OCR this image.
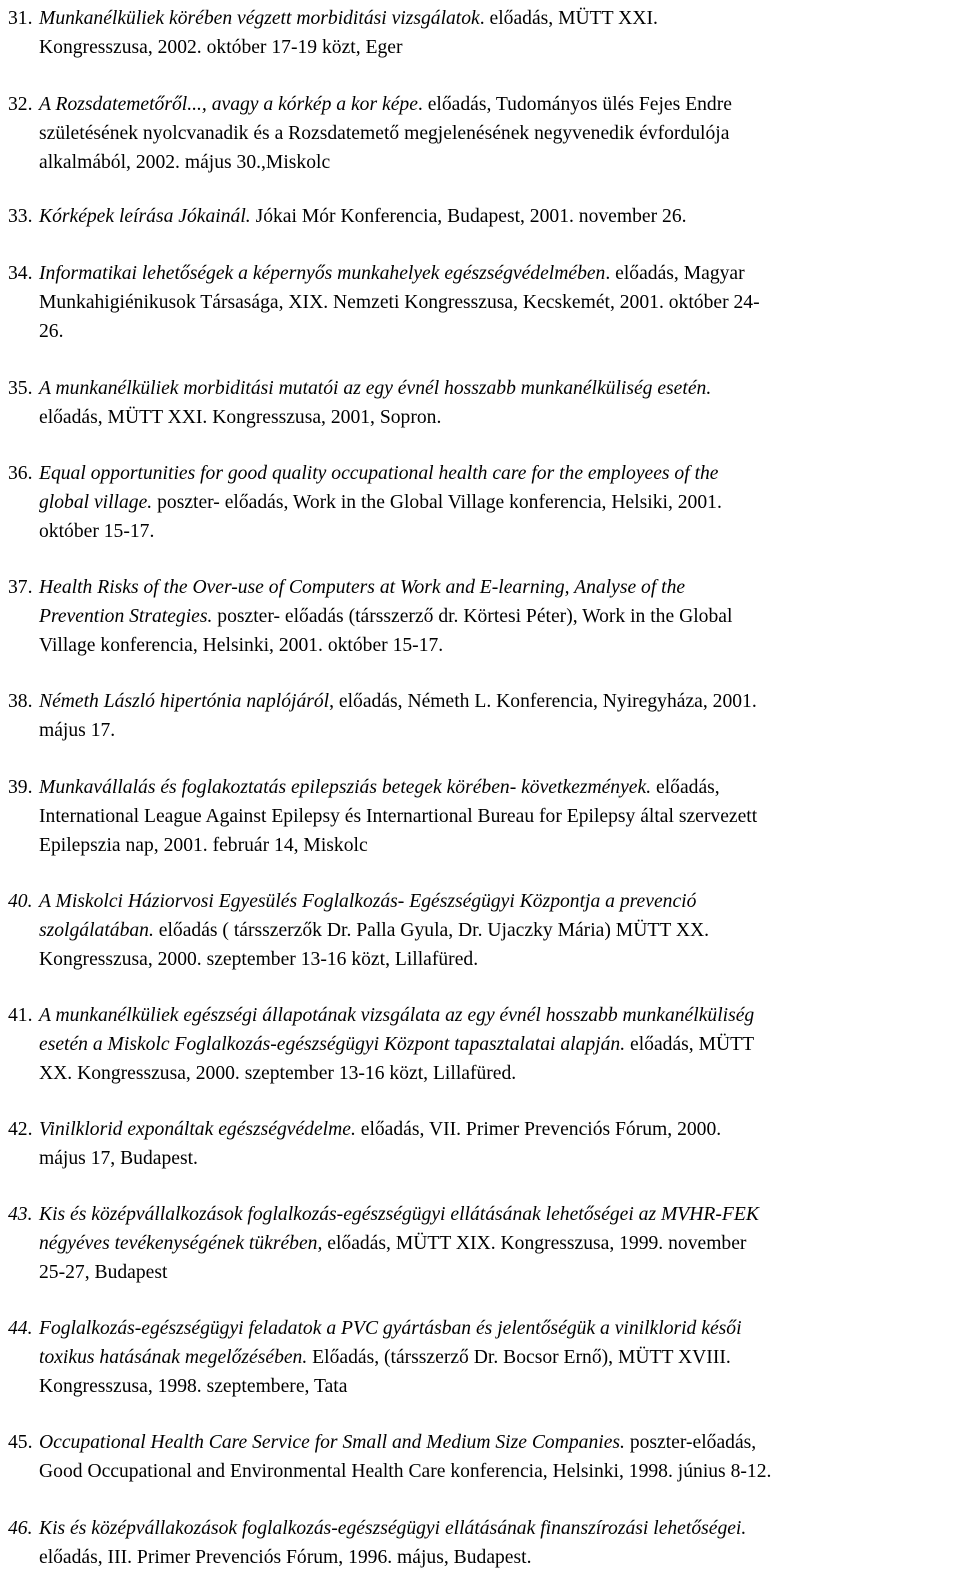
31. Munkanélküliek körében végzett morbiditási vizsgálatok. előadás, MÜTT XXI.
Kongresszusa, 2002. október 17-19 közt, Eger

32. A Rozsdatemetőről..., avagy a kórkép a kor képe. előadás, Tudományos ülés Fejes Endre
születésének nyolcvanadik és a Rozsdatemető megjelenésének negyvenedik évfordulója
alkalmából, 2002. május 30.,Miskolc

33. Kórképek leírása Jókainál. Jókai Mór Konferencia, Budapest, 2001. november 26.

34. Informatikai lehetőségek a képernyős munkahelyek egészségvédelmében. előadás, Magyar
Munkahigiénikusok Társasága, XIX. Nemzeti Kongresszusa, Kecskemét, 2001. október 24-
26.

35. A munkanélküliek morbiditási mutatói az egy évnél hosszabb munkanélküliség esetén.
előadás, MÜTT XXI. Kongresszusa, 2001, Sopron.

36. Equal opportunities for good quality occupational health care for the employees of the
global village. poszter- előadás, Work in the Global Village konferencia, Helsiki, 2001.
október 15-17.

37. Health Risks of the Over-use of Computers at Work and E-learning, Analyse of the
Prevention Strategies. poszter- előadás (társszerző dr. Körtesi Péter), Work in the Global
Village konferencia, Helsinki, 2001. október 15-17.

38. Németh László hipertónia naplójáról, előadás, Németh L. Konferencia, Nyiregyháza, 2001.
május 17.

39. Munkavállalás és foglakoztatás epilepsziás betegek körében- következmények. előadás,
International League Against Epilepsy és Internartional Bureau for Epilepsy által szervezett
Epilepszia nap, 2001. február 14, Miskolc

40. A Miskolci Háziorvosi Egyesülés Foglalkozás- Egészségügyi Központja a prevenció
szolgálatában. előadás ( társszerzők Dr. Palla Gyula, Dr. Ujaczky Mária) MÜTT XX.
Kongresszusa, 2000. szeptember 13-16 közt, Lillafüred.

41. A munkanélküliek egészségi állapotának vizsgálata az egy évnél hosszabb munkanélküliség
esetén a Miskolc Foglalkozás-egészségügyi Központ tapasztalatai alapján. előadás, MÜTT
XX. Kongresszusa, 2000. szeptember 13-16 közt, Lillafüred.

42. Vinilklorid exponáltak egészségvédelme. előadás, VII. Primer Prevenciós Fórum, 2000.
május 17, Budapest.

43. Kis és középvállalkozások foglalkozás-egészségügyi ellátásának lehetőségei az MVHR-FEK
négyéves tevékenységének tükrében, előadás, MÜTT XIX. Kongresszusa, 1999. november
25-27, Budapest

44. Foglalkozás-egészségügyi feladatok a PVC gyártásban és jelentőségük a vinilklorid késői
toxikus hatásának megelőzésében. Előadás, (társszerző Dr. Bocsor Ernő), MÜTT XVIII.
Kongresszusa, 1998. szeptembere, Tata

45. Occupational Health Care Service for Small and Medium Size Companies. poszter-előadás,
Good Occupational and Environmental Health Care konferencia, Helsinki, 1998. június 8-12.

46. Kis és középvállakozások foglalkozás-egészségügyi ellátásának finanszírozási lehetőségei.
előadás, III. Primer Prevenciós Fórum, 1996. május, Budapest.
